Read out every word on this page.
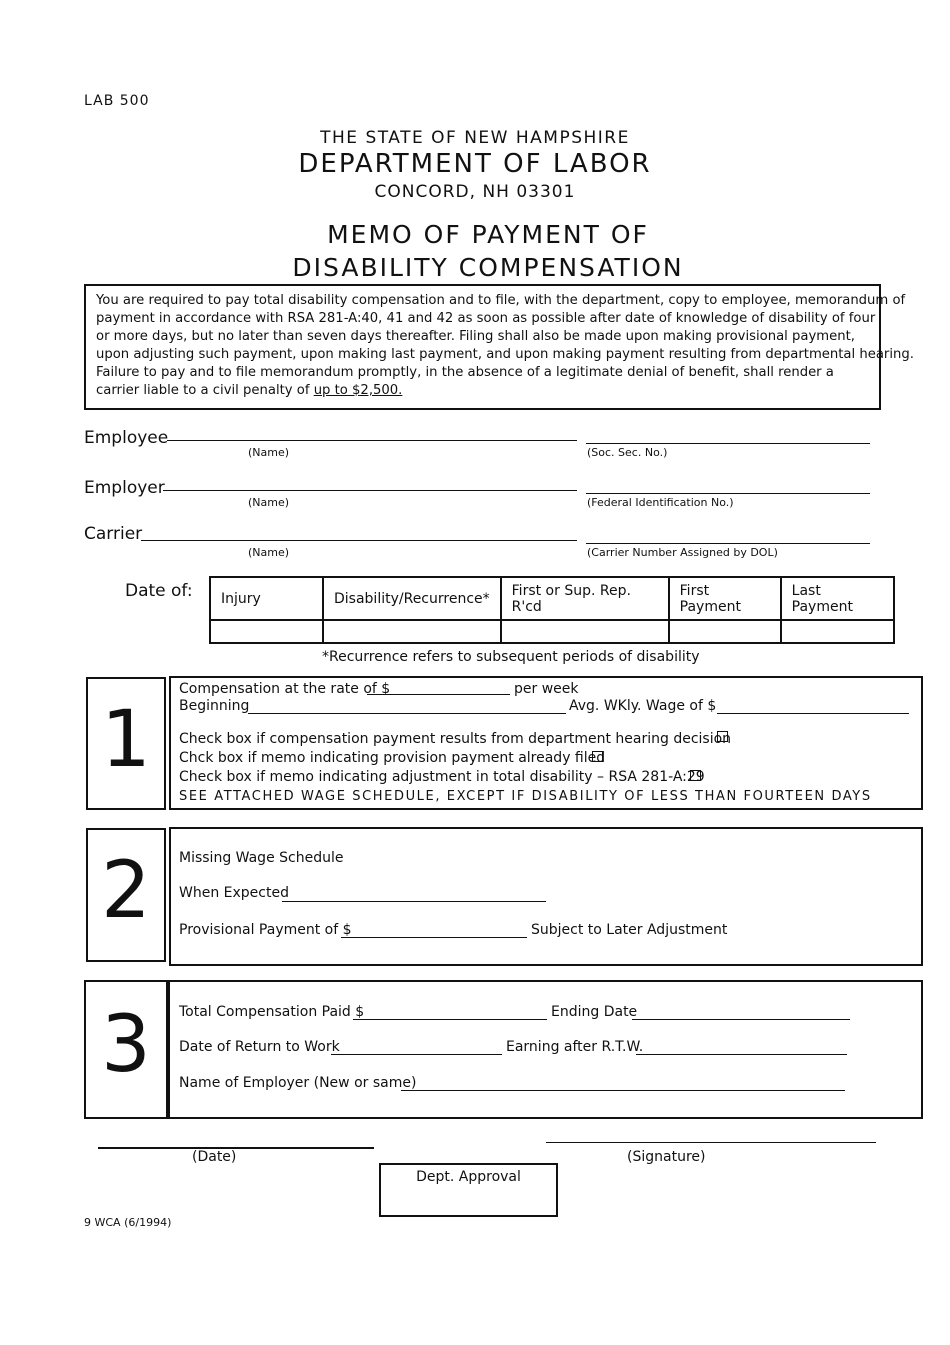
LAB 500
THE STATE OF NEW HAMPSHIRE
DEPARTMENT OF LABOR
CONCORD, NH 03301
MEMO OF PAYMENT OF
DISABILITY COMPENSATION
You are required to pay total disability compensation and to file, with the department, copy to employee, memorandum of
payment in accordance with RSA 281-A:40, 41 and 42 as soon as possible after date of knowledge of disability of four
or more days, but no later than seven days thereafter. Filing shall also be made upon making provisional payment,
upon adjusting such payment, upon making last payment, and upon making payment resulting from departmental hearing.
Failure to pay and to file memorandum promptly, in the absence of a legitimate denial of benefit, shall render a
carrier liable to a civil penalty of up to $2,500.
Employee
(Name)	(Soc. Sec. No.)
Employer
(Name)	(Federal Identification No.)
Carrier
(Name)	(Carrier Number Assigned by DOL)
Date of: Injury	Disability/Recurrence*	First or Sup. Rep. R'cd	First Payment	Last Payment

*Recurrence refers to subsequent periods of disability
1
Compensation at the rate of $	per week
Beginning	Avg. WKly. Wage of $
Check box if compensation payment results from department hearing decision
Chck box if memo indicating provision payment already filed
Check box if memo indicating adjustment in total disability – RSA 281-A:29
SEE ATTACHED WAGE SCHEDULE, EXCEPT IF DISABILITY OF LESS THAN FOURTEEN DAYS
2	Missing Wage Schedule
When Expected
Provisional Payment of $	Subject to Later Adjustment
3	Total Compensation Paid $	Ending Date
Date of Return to Work	Earning after R.T.W.
Name of Employer (New or same)
(Date)	(Signature)
Dept. Approval
9 WCA (6/1994)
